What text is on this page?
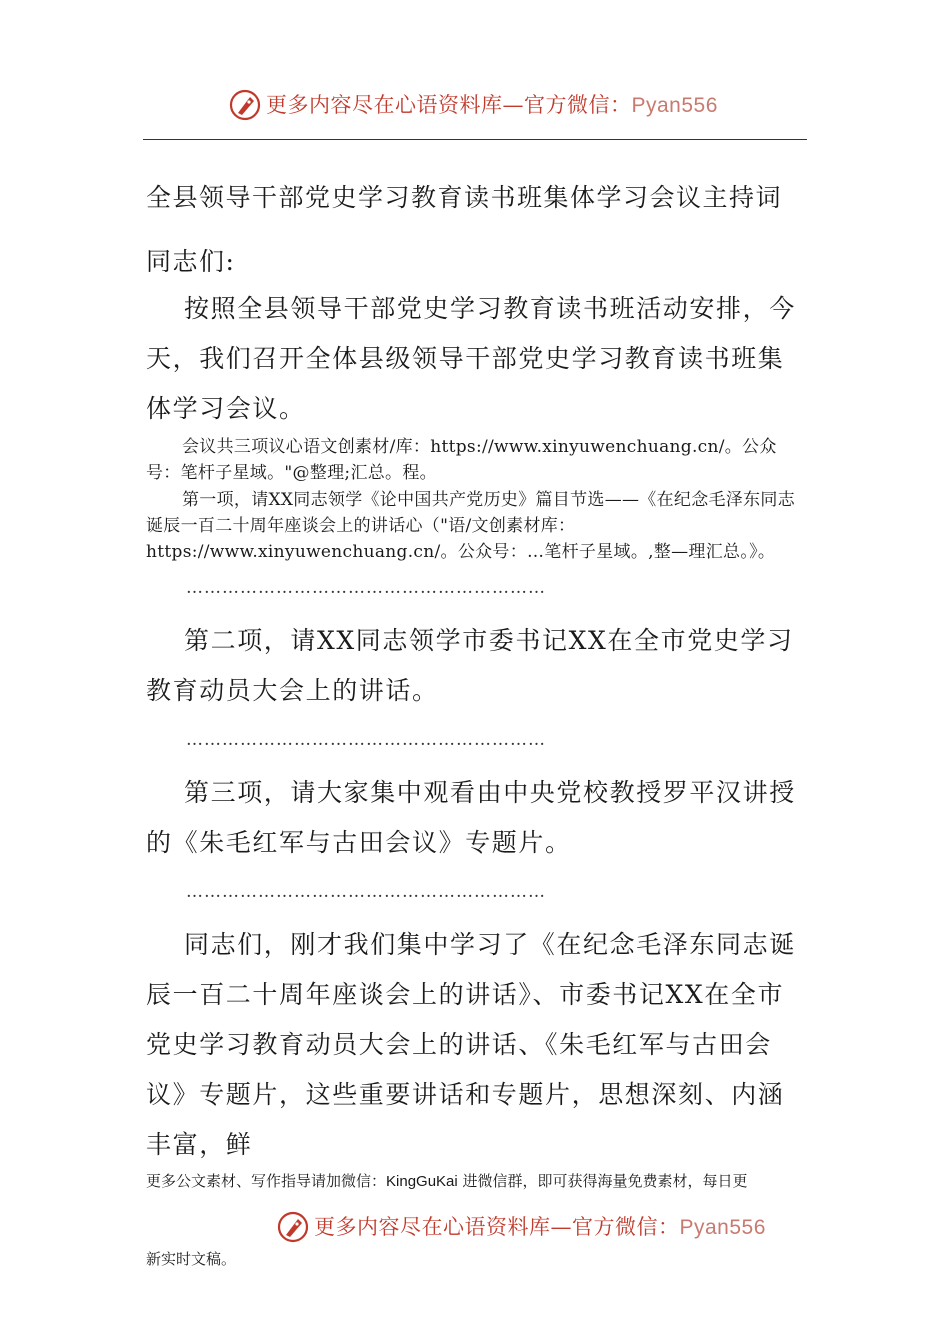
更多内容尽在心语资料库—官方微信：Pyan556
全县领导干部党史学习教育读书班集体学习会议主持词
同志们:
按照全县领导干部党史学习教育读书班活动安排，今天，我们召开全体县级领导干部党史学习教育读书班集体学习会议。
会议共三项议心语文创素材/库：https://www.xinyuwenchuang.cn/。公众号：笔杆子星域。"@整理;汇总。程。
第一项，请XX同志领学《论中国共产党历史》篇目节选——《在纪念毛泽东同志诞辰一百二十周年座谈会上的讲话心（"语/文创素材库：https://www.xinyuwenchuang.cn/。公众号：…笔杆子星域。,整—理汇总。》。
……………………………………………………
第二项，请XX同志领学市委书记XX在全市党史学习教育动员大会上的讲话。
……………………………………………………
第三项，请大家集中观看由中央党校教授罗平汉讲授的《朱毛红军与古田会议》专题片。
……………………………………………………
同志们，刚才我们集中学习了《在纪念毛泽东同志诞辰一百二十周年座谈会上的讲话》、市委书记XX在全市党史学习教育动员大会上的讲话、《朱毛红军与古田会议》专题片，这些重要讲话和专题片，思想深刻、内涵丰富，鲜
更多公文素材、写作指导请加微信：KingGuKai 进微信群，即可获得海量免费素材，每日更
更多内容尽在心语资料库—官方微信：Pyan556
新实时文稿。
